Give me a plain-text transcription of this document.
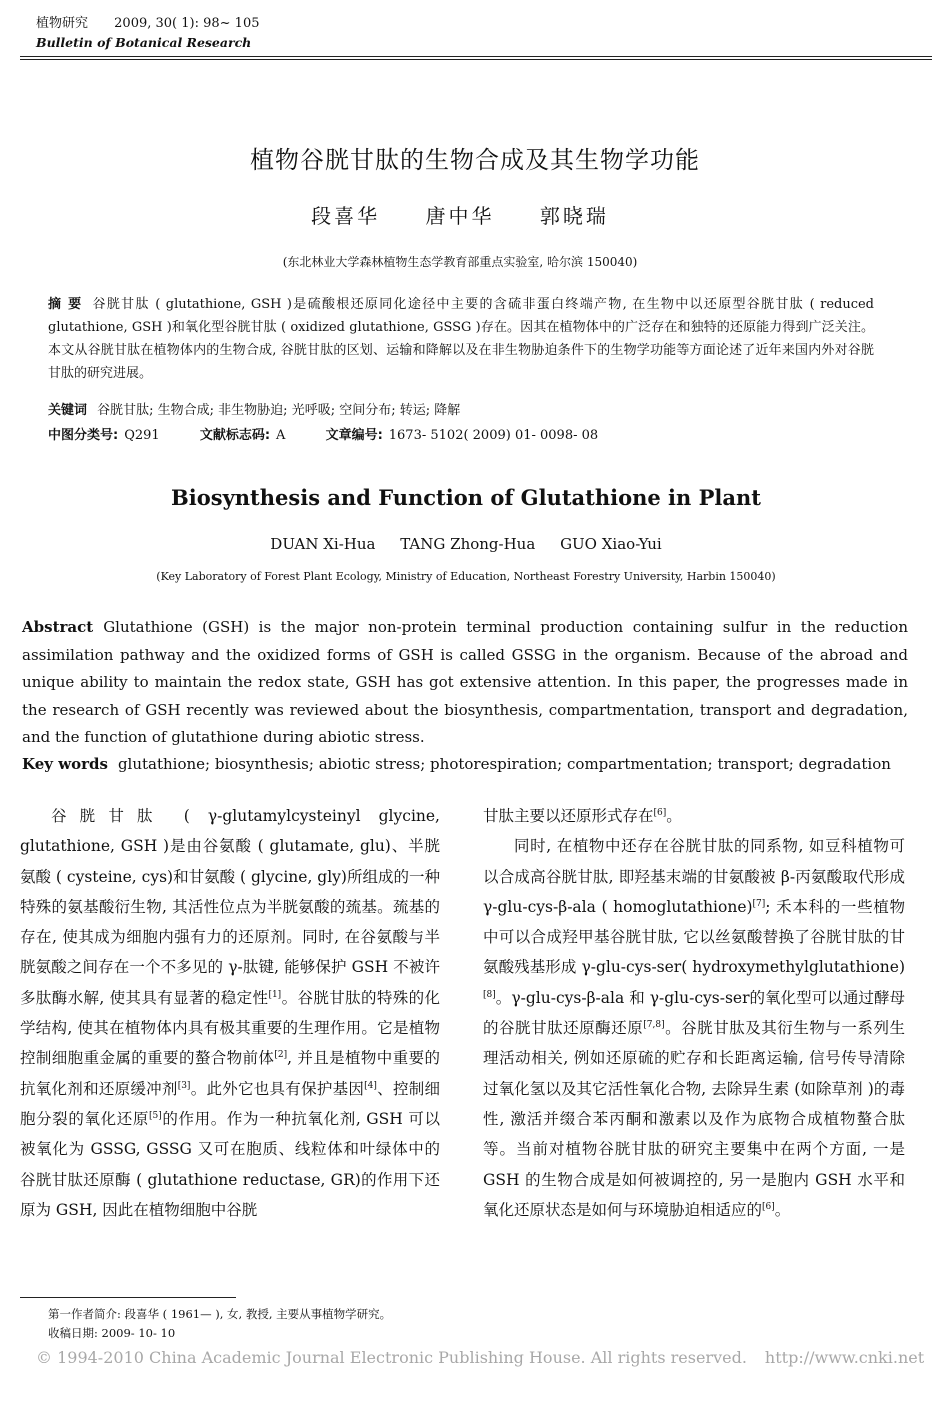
植物研究 2009, 30( 1): 98~ 105
Bulletin of Botanical Research
植物谷胱甘肽的生物合成及其生物学功能
段喜华 唐中华 郭晓瑞
(东北林业大学森林植物生态学教育部重点实验室, 哈尔滨 150040)
摘 要 谷胱甘肽 ( glutathione, GSH )是硫酸根还原同化途径中主要的含硫非蛋白终端产物, 在生物中以还原型谷胱甘肽 ( reduced glutathione, GSH )和氧化型谷胱甘肽 ( oxidized glutathione, GSSG )存在。因其在植物体中的广泛存在和独特的还原能力得到广泛关注。本文从谷胱甘肽在植物体内的生物合成, 谷胱甘肽的区划、运输和降解以及在非生物胁迫条件下的生物学功能等方面论述了近年来国内外对谷胱甘肽的研究进展。
关键词 谷胱甘肽; 生物合成; 非生物胁迫; 光呼吸; 空间分布; 转运; 降解
中图分类号: Q291	文献标志码: A	文章编号: 1673- 5102( 2009) 01- 0098- 08
Biosynthesis and Function of Glutathione in Plant
DUAN Xi-Hua TANG Zhong-Hua GUO Xiao-Yui
(Key Laboratory of Forest Plant Ecology, Ministry of Education, Northeast Forestry University, Harbin 150040)
Abstract Glutathione (GSH) is the major non-protein terminal production containing sulfur in the reduction assimilation pathway and the oxidized forms of GSH is called GSSG in the organism. Because of the abroad and unique ability to maintain the redox state, GSH has got extensive attention. In this paper, the progresses made in the research of GSH recently was reviewed about the biosynthesis, compartmentation, transport and degradation, and the function of glutathione during abiotic stress.
Key words glutathione; biosynthesis; abiotic stress; photorespiration; compartmentation; transport; degradation

谷胱甘肽 ( γ-glutamylcysteinyl glycine, glutathione, GSH )是由谷氨酸 ( glutamate, glu)、半胱氨酸 ( cysteine, cys)和甘氨酸 ( glycine, gly)所组成的一种特殊的氨基酸衍生物, 其活性位点为半胱氨酸的巯基。巯基的存在, 使其成为细胞内强有力的还原剂。同时, 在谷氨酸与半胱氨酸之间存在一个不多见的 γ-肽键, 能够保护 GSH 不被许多肽酶水解, 使其具有显著的稳定性[1]。谷胱甘肽的特殊的化学结构, 使其在植物体内具有极其重要的生理作用。它是植物控制细胞重金属的重要的螯合物前体[2], 并且是植物中重要的抗氧化剂和还原缓冲剂[3]。此外它也具有保护基因[4]、控制细胞分裂的氧化还原[5]的作用。作为一种抗氧化剂, GSH 可以被氧化为 GSSG, GSSG 又可在胞质、线粒体和叶绿体中的谷胱甘肽还原酶 ( glutathione reductase, GR)的作用下还原为 GSH, 因此在植物细胞中谷胱

甘肽主要以还原形式存在[6]。

同时, 在植物中还存在谷胱甘肽的同系物, 如豆科植物可以合成高谷胱甘肽, 即羟基末端的甘氨酸被 β-丙氨酸取代形成 γ-glu-cys-β-ala ( homoglutathione)[7]; 禾本科的一些植物中可以合成羟甲基谷胱甘肽, 它以丝氨酸替换了谷胱甘肽的甘氨酸残基形成 γ-glu-cys-ser( hydroxymethylglutathione)[8]。γ-glu-cys-β-ala 和 γ-glu-cys-ser的氧化型可以通过酵母的谷胱甘肽还原酶还原[7,8]。谷胱甘肽及其衍生物与一系列生理活动相关, 例如还原硫的贮存和长距离运输, 信号传导清除过氧化氢以及其它活性氧化合物, 去除异生素 (如除草剂 )的毒性, 激活并缀合苯丙酮和激素以及作为底物合成植物螯合肽等。当前对植物谷胱甘肽的研究主要集中在两个方面, 一是 GSH 的生物合成是如何被调控的, 另一是胞内 GSH 水平和氧化还原状态是如何与环境胁迫相适应的[6]。

第一作者简介: 段喜华 ( 1961— ), 女, 教授, 主要从事植物学研究。
收稿日期: 2009- 10- 10
© 1994-2010 China Academic Journal Electronic Publishing House. All rights reserved. http://www.cnki.net
